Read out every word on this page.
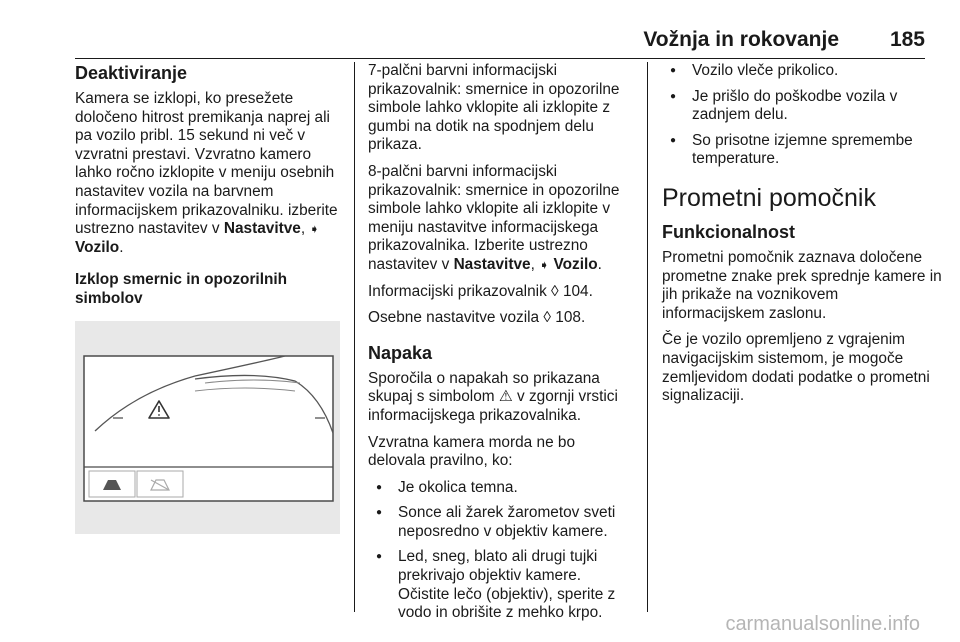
Vožnja in rokovanje 185
Deaktiviranje

Kamera se izklopi, ko presežete določeno hitrost premikanja naprej ali pa vozilo pribl. 15 sekund ni več v vzvratni prestavi. Vzvratno kamero lahko ročno izklopite v meniju osebnih nastavitev vozila na barvnem informacijskem prikazovalniku. izberite ustrezno nastavitev v Nastavitve, ➧ Vozilo.

Izklop smernic in opozorilnih simbolov

7-palčni barvni informacijski prikazovalnik: smernice in opozorilne simbole lahko vklopite ali izklopite z gumbi na dotik na spodnjem delu prikaza.

8-palčni barvni informacijski prikazovalnik: smernice in opozorilne simbole lahko vklopite ali izklopite v meniju nastavitve informacijskega prikazovalnika. Izberite ustrezno nastavitev v Nastavitve, ➧ Vozilo.

Informacijski prikazovalnik ◊ 104.

Osebne nastavitve vozila ◊ 108.

Napaka

Sporočila o napakah so prikazana skupaj s simbolom ⚠ v zgornji vrstici informacijskega prikazovalnika.

Vzvratna kamera morda ne bo delovala pravilno, ko:

● Je okolica temna.
● Sonce ali žarek žarometov sveti neposredno v objektiv kamere.
● Led, sneg, blato ali drugi tujki prekrivajo objektiv kamere. Očistite lečo (objektiv), sperite z vodo in obrišite z mehko krpo.
● Vozilo vleče prikolico.
● Je prišlo do poškodbe vozila v zadnjem delu.
● So prisotne izjemne spremembe temperature.
Prometni pomočnik
Funkcionalnost

Prometni pomočnik zaznava določene prometne znake prek sprednje kamere in jih prikaže na voznikovem informacijskem zaslonu.

Če je vozilo opremljeno z vgrajenim navigacijskim sistemom, je mogoče zemljevidom dodati podatke o prometni signalizaciji.

carmanualsonline.info
